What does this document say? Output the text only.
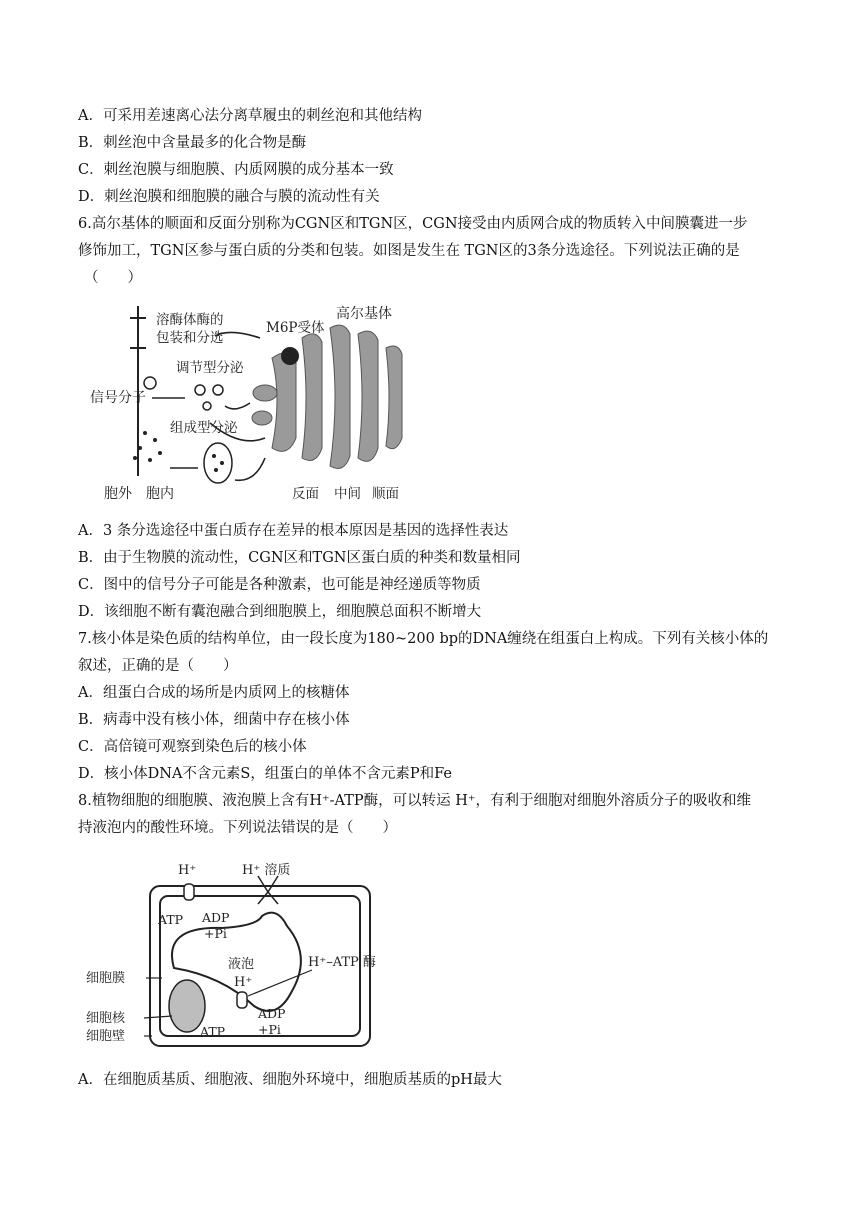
A．可采用差速离心法分离草履虫的刺丝泡和其他结构
B．刺丝泡中含量最多的化合物是酶
C．刺丝泡膜与细胞膜、内质网膜的成分基本一致
D．刺丝泡膜和细胞膜的融合与膜的流动性有关
6.高尔基体的顺面和反面分别称为CGN区和TGN区，CGN接受由内质网合成的物质转入中间膜囊进一步
修饰加工，TGN区参与蛋白质的分类和包装。如图是发生在 TGN区的3条分选途径。下列说法正确的是
（　　）
溶酶体酶的
包装和分选
M6P受体
高尔基体
调节型分泌
信号分子
组成型分泌
胞外 胞内	反面 中间 顺面
A．3 条分选途径中蛋白质存在差异的根本原因是基因的选择性表达
B．由于生物膜的流动性，CGN区和TGN区蛋白质的种类和数量相同
C．图中的信号分子可能是各种激素，也可能是神经递质等物质
D．该细胞不断有囊泡融合到细胞膜上，细胞膜总面积不断增大
7.核小体是染色质的结构单位，由一段长度为180~200 bp的DNA缠绕在组蛋白上构成。下列有关核小体的
叙述，正确的是（　　）
A．组蛋白合成的场所是内质网上的核糖体
B．病毒中没有核小体，细菌中存在核小体
C．高倍镜可观察到染色后的核小体
D．核小体DNA不含元素S，组蛋白的单体不含元素P和Fe
8.植物细胞的细胞膜、液泡膜上含有H⁺-ATP酶，可以转运 H⁺，有利于细胞对细胞外溶质分子的吸收和维
持液泡内的酸性环境。下列说法错误的是（　　）
H⁺	H⁺ 溶质
ATP ADP
+Pi
液泡
H⁺
H⁺–ATP 酶
细胞膜
细胞核
细胞壁	ATP
ADP
+Pi
A．在细胞质基质、细胞液、细胞外环境中，细胞质基质的pH最大
